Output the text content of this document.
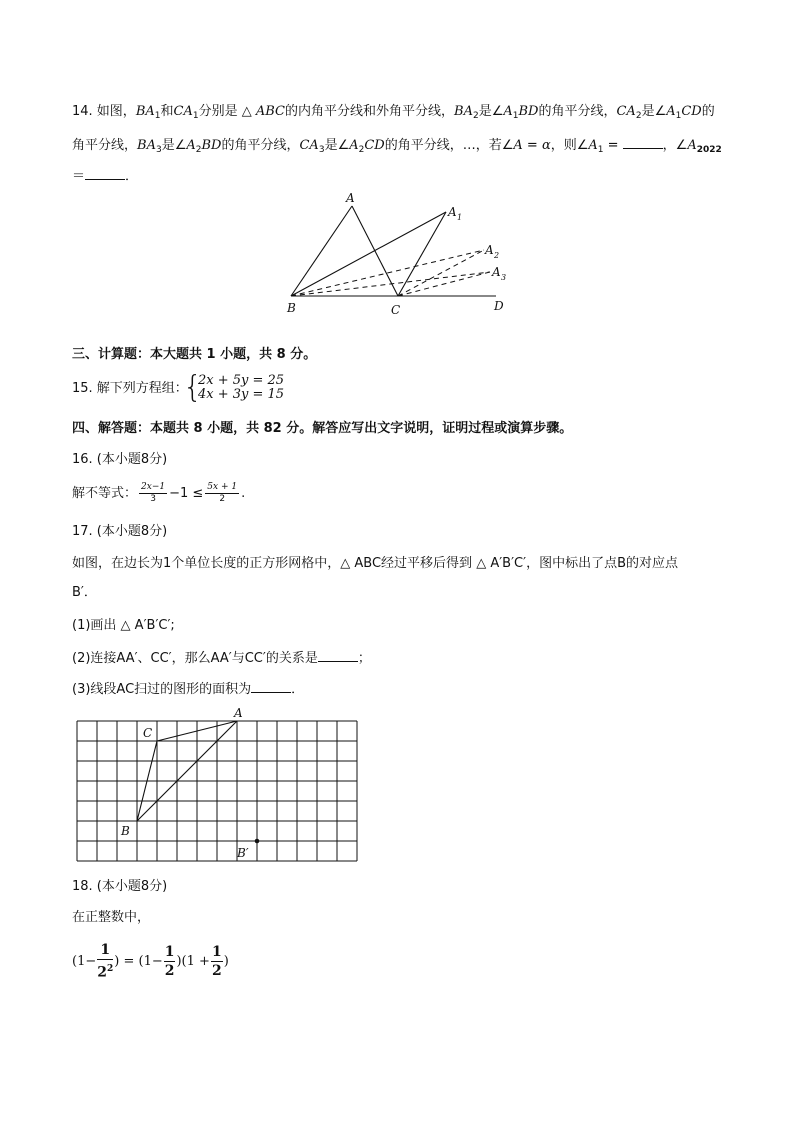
14. 如图，$BA_1$和$CA_1$分别是 △ ABC的内角平分线和外角平分线，$BA_2$是$\angle A_1BD$的角平分线，$CA_2$是$\angle A_1CD$的
角平分线，$BA_3$是$\angle A_2BD$的角平分线，$CA_3$是$\angle A_2CD$的角平分线，…，若∠A = α，则$\angle A_1$ =	，$\angle A_{2022}$
＝	．
A
A 1
A 2
A 3
B	C	D
三、计算题：本大题共 1 小题，共 8 分。
15. 解下列方程组：
{
2x + 5y = 25
4x + 3y = 15
四、解答题：本题共 8 小题，共 82 分。解答应写出文字说明，证明过程或演算步骤。
16. (本小题8分)
解不等式： $\frac{2x-1}{3} -1 \le \frac{5x + 1}{2}$ .
17. (本小题8分)
如图，在边长为1个单位长度的正方形网格中，△ ABC经过平移后得到 △ A′B′C′，图中标出了点B的对应点
B′．
(1)画出 △ A′B′C′;
(2)连接AA′、CC′，那么AA′与CC′的关系是	；
(3)线段AC扫过的图形的面积为	．
A
C
B
B′
18. (本小题8分)
在正整数中，
($1- \frac{1}{2^2}$ ) = $(1- \frac{1}{2} )(1 + \frac{1}{2}$ )
